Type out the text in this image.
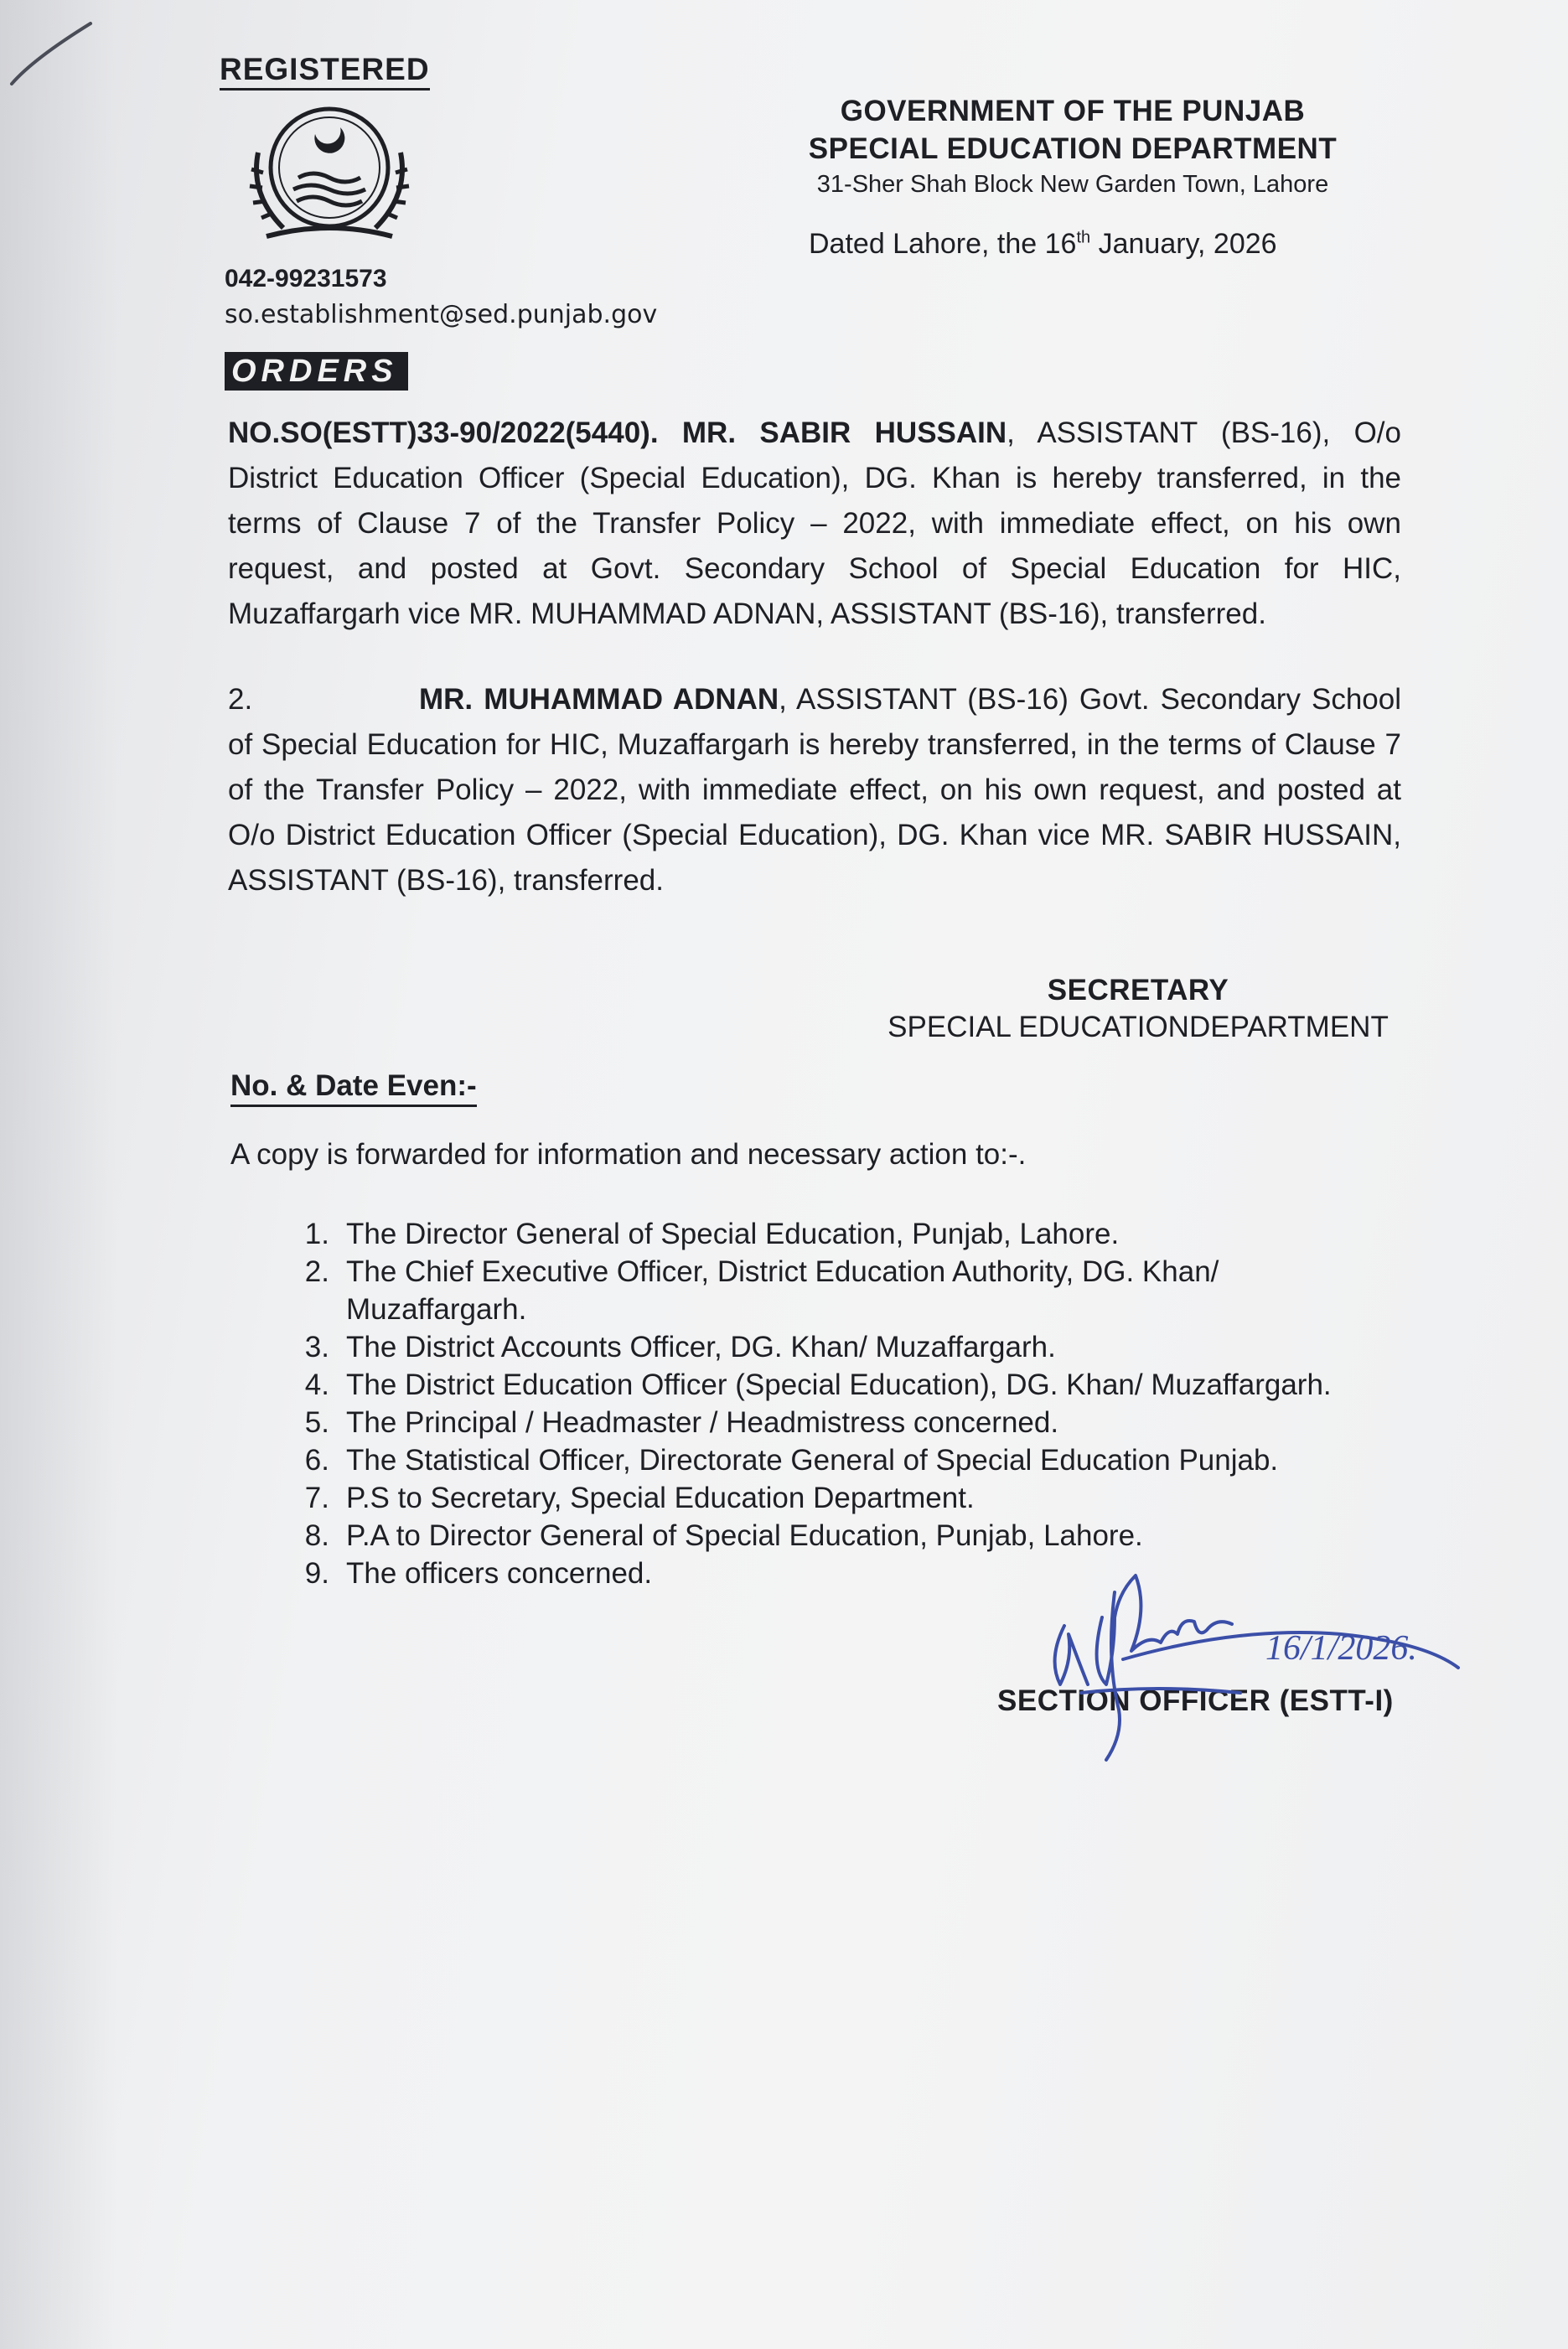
REGISTERED
042-99231573
so.establishment@sed.punjab.gov
GOVERNMENT OF THE PUNJAB
SPECIAL EDUCATION DEPARTMENT
31-Sher Shah Block New Garden Town, Lahore
Dated Lahore, the 16th January, 2026
ORDERS
NO.SO(ESTT)33-90/2022(5440). MR. SABIR HUSSAIN, ASSISTANT (BS-16), O/o District Education Officer (Special Education), DG. Khan is hereby transferred, in the terms of Clause 7 of the Transfer Policy – 2022, with immediate effect, on his own request, and posted at Govt. Secondary School of Special Education for HIC, Muzaffargarh vice MR. MUHAMMAD ADNAN, ASSISTANT (BS-16), transferred.
2.	MR. MUHAMMAD ADNAN, ASSISTANT (BS-16) Govt. Secondary School of Special Education for HIC, Muzaffargarh is hereby transferred, in the terms of Clause 7 of the Transfer Policy – 2022, with immediate effect, on his own request, and posted at O/o District Education Officer (Special Education), DG. Khan vice MR. SABIR HUSSAIN, ASSISTANT (BS-16), transferred.
SECRETARY
SPECIAL EDUCATIONDEPARTMENT
No. & Date Even:-
A copy is forwarded for information and necessary action to:-.
1. The Director General of Special Education, Punjab, Lahore.
2. The Chief Executive Officer, District Education Authority, DG. Khan/ Muzaffargarh.
3. The District Accounts Officer, DG. Khan/ Muzaffargarh.
4. The District Education Officer (Special Education), DG. Khan/ Muzaffargarh.
5. The Principal / Headmaster / Headmistress concerned.
6. The Statistical Officer, Directorate General of Special Education Punjab.
7. P.S to Secretary, Special Education Department.
8. P.A to Director General of Special Education, Punjab, Lahore.
9. The officers concerned.
SECTION OFFICER (ESTT-I)
16/1/2026.
